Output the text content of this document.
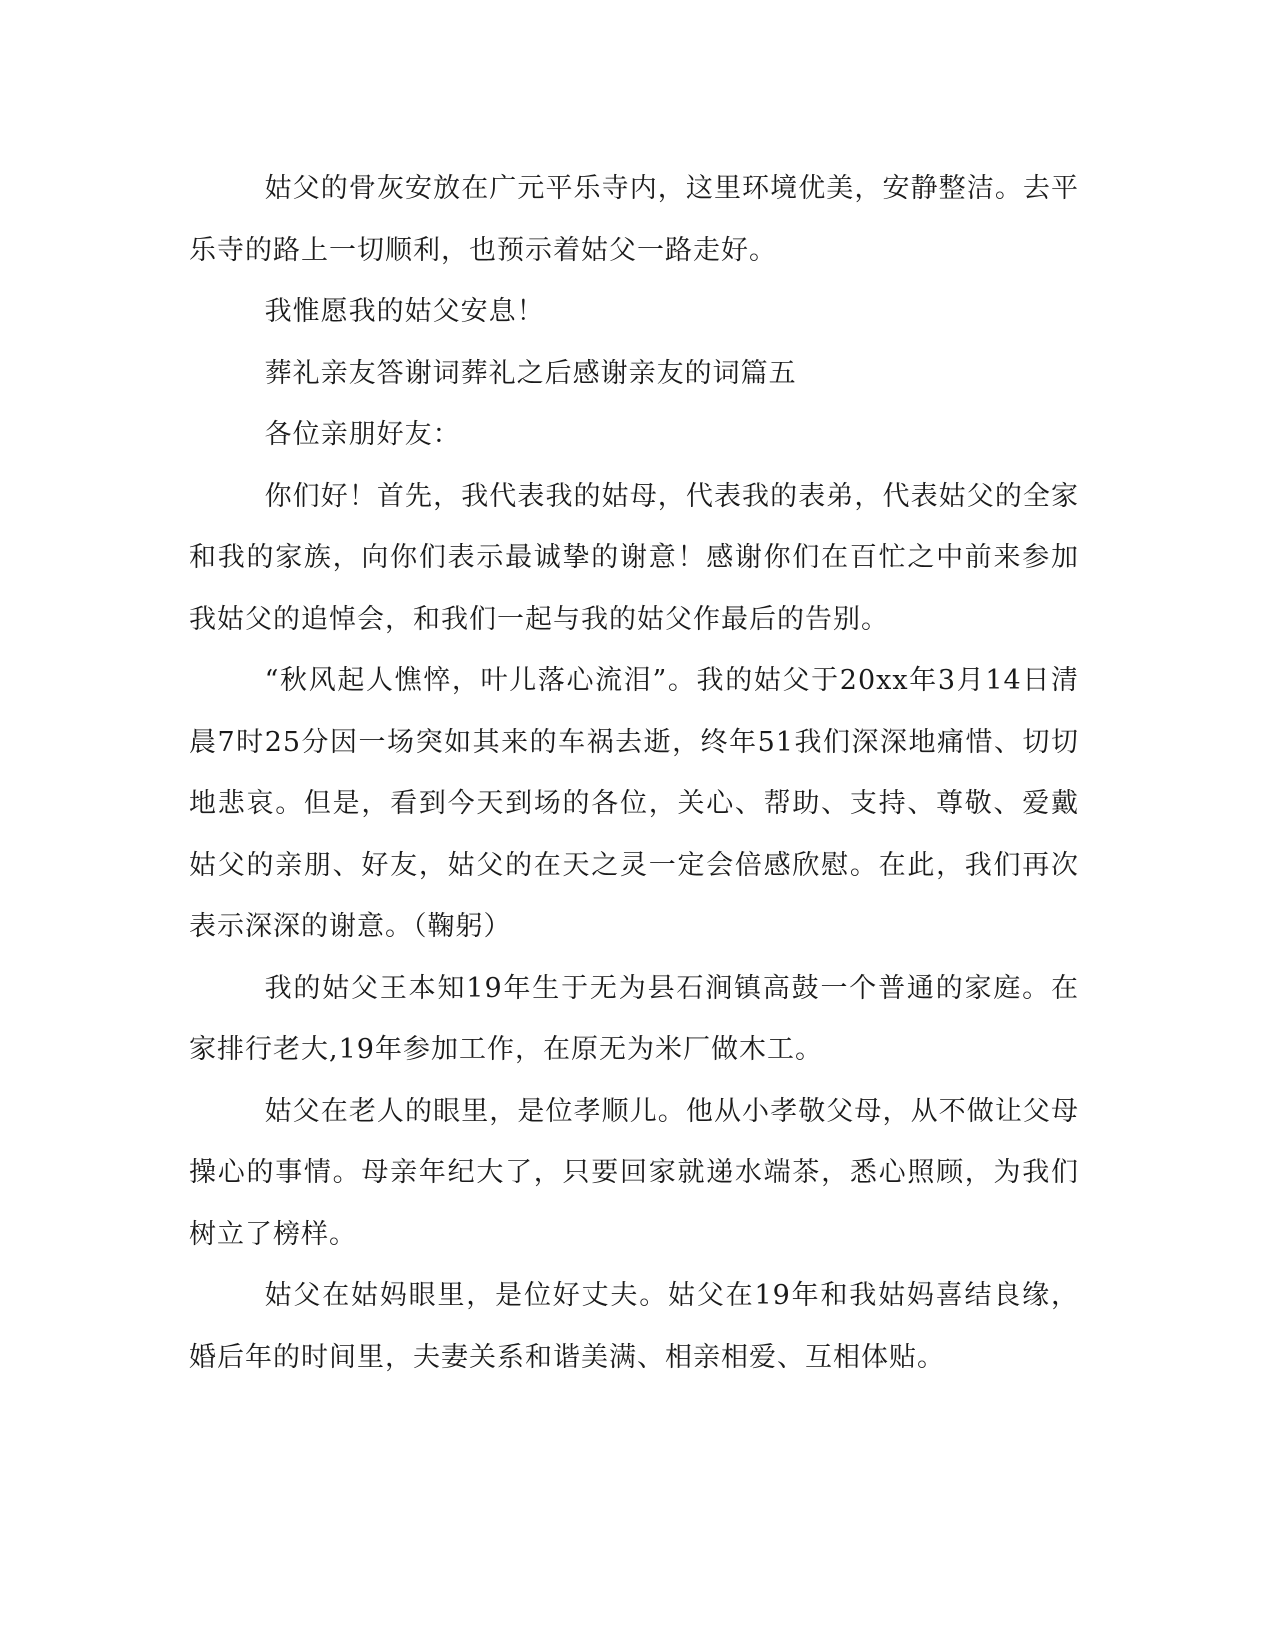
姑父的骨灰安放在广元平乐寺内，这里环境优美，安静整洁。去平乐寺的路上一切顺利，也预示着姑父一路走好。

我惟愿我的姑父安息！

葬礼亲友答谢词葬礼之后感谢亲友的词篇五

各位亲朋好友：

你们好！首先，我代表我的姑母，代表我的表弟，代表姑父的全家和我的家族，向你们表示最诚挚的谢意！感谢你们在百忙之中前来参加我姑父的追悼会，和我们一起与我的姑父作最后的告别。

“秋风起人憔悴，叶儿落心流泪”。我的姑父于20xx年3月14日清晨7时25分因一场突如其来的车祸去逝，终年51我们深深地痛惜、切切地悲哀。但是，看到今天到场的各位，关心、帮助、支持、尊敬、爱戴姑父的亲朋、好友，姑父的在天之灵一定会倍感欣慰。在此，我们再次表示深深的谢意。（鞠躬）

我的姑父王本知19年生于无为县石涧镇高鼓一个普通的家庭。在家排行老大,19年参加工作，在原无为米厂做木工。

姑父在老人的眼里，是位孝顺儿。他从小孝敬父母，从不做让父母操心的事情。母亲年纪大了，只要回家就递水端茶，悉心照顾，为我们树立了榜样。

姑父在姑妈眼里，是位好丈夫。姑父在19年和我姑妈喜结良缘，婚后年的时间里，夫妻关系和谐美满、相亲相爱、互相体贴。
